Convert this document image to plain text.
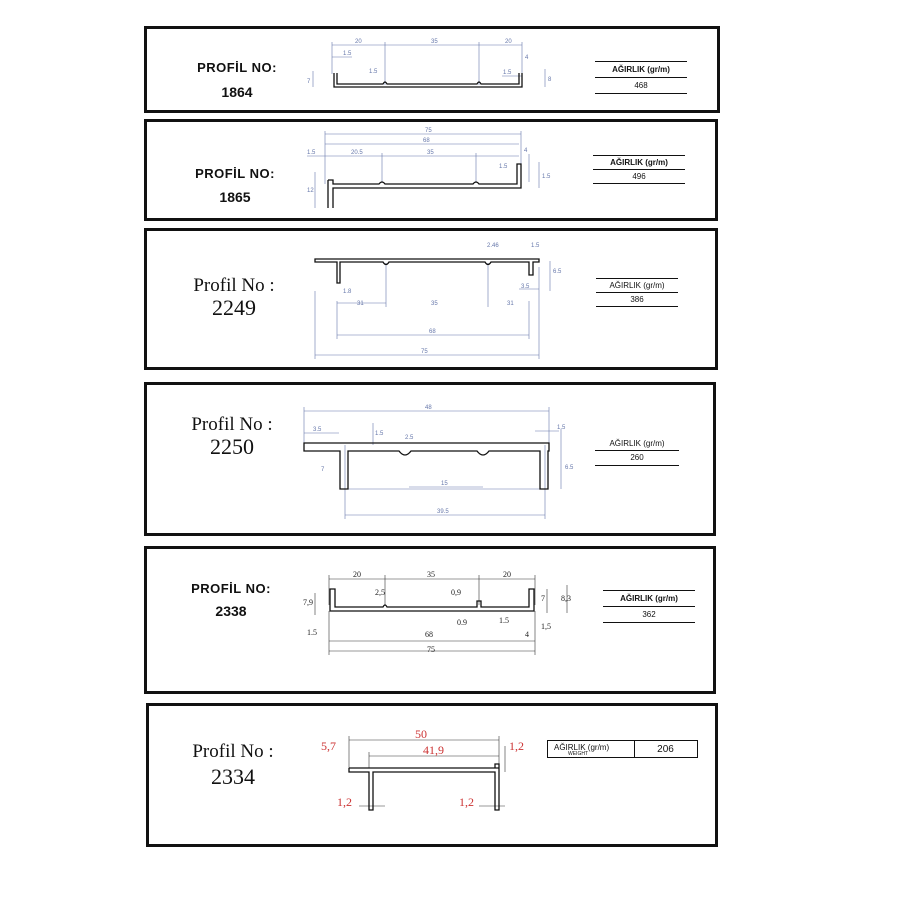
PROFİL NO:
1864
20	35	20
1.5
1.5
8
7
1.5
4
AĞIRLIK (gr/m)
468
PROFİL NO:
1865
75
68
20.5	35
1.5	4
1.5
12
1.5
AĞIRLIK (gr/m)
496
Profil No :
2249
2.46	1.5
6.5
3.5
1.8
31	35	31
68
75
AĞIRLIK (gr/m)
386
Profil No :
2250
48
3.5
1.5
2.5
1.5
7	6.5
15
39.5
AĞIRLIK (gr/m)
260
PROFİL NO:
2338
20	35	20
2,5	0,9
0.9
1.5
1.5
1,5
68	4
75
7 8,3
7,9	AĞIRLIK (gr/m)
362
Profil No :
2334
50
41,9
5,7	1,2
1,2	1,2
AĞIRLIK (gr/m)
WEIGHT	206
